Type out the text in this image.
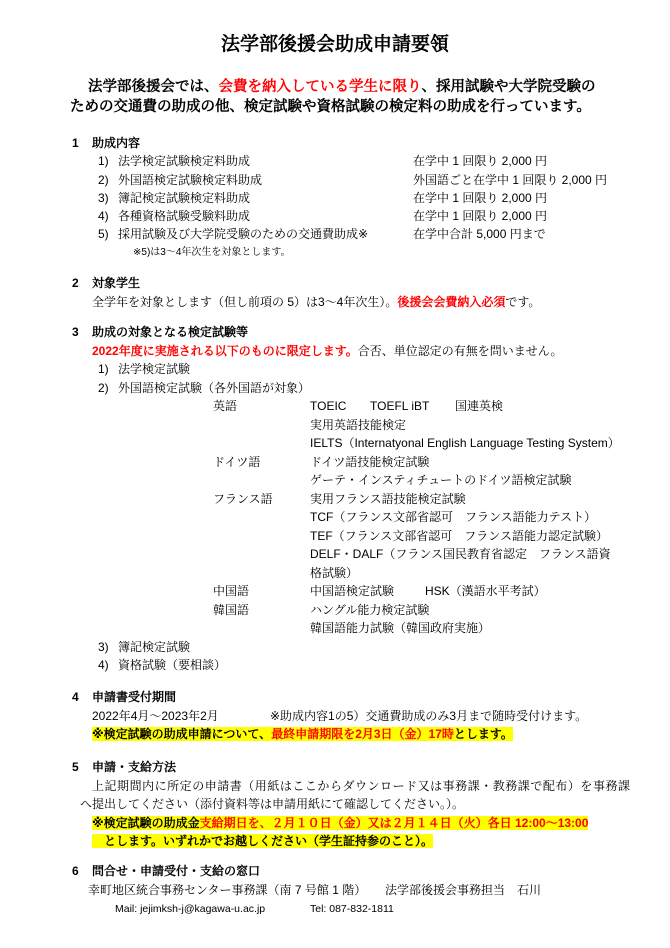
法学部後援会助成申請要領
法学部後援会では、会費を納入している学生に限り、採用試験や大学院受験の
ための交通費の助成の他、検定試験や資格試験の検定料の助成を行っています。
1 助成内容
1) 法学検定試験検定料助成	在学中 1 回限り 2,000 円
2) 外国語検定試験検定料助成	外国語ごと在学中 1 回限り 2,000 円
3) 簿記検定試験検定料助成	在学中 1 回限り 2,000 円
4) 各種資格試験受験料助成	在学中 1 回限り 2,000 円
5) 採用試験及び大学院受験のための交通費助成※	在学中合計 5,000 円まで
※5)は3～4年次生を対象とします。
2 対象学生
全学年を対象とします（但し前項の 5）は3～4年次生）。後援会会費納入必須です。
3 助成の対象となる検定試験等
2022年度に実施される以下のものに限定します。合否、単位認定の有無を問いません。
1) 法学検定試験
2) 外国語検定試験（各外国語が対象）
英語	TOEIC TOEFL iBT 国連英検
実用英語技能検定
IELTS（Internatyonal English Language Testing System）
ドイツ語	ドイツ語技能検定試験
ゲーテ・インスティチュートのドイツ語検定試験
フランス語	実用フランス語技能検定試験
TCF（フランス文部省認可　フランス語能力テスト）
TEF（フランス文部省認可　フランス語能力認定試験）
DELF・DALF（フランス国民教育省認定　フランス語資
格試験）
中国語	中国語検定試験	HSK（漢語水平考試）
韓国語	ハングル能力検定試験
韓国語能力試験（韓国政府実施）
3) 簿記検定試験
4) 資格試験（要相談）
4 申請書受付期間
2022年4月～2023年2月	※助成内容1の5）交通費助成のみ3月まで随時受付けます。
※検定試験の助成申請について、最終申請期限を2月3日（金）17時とします。
5 申請・支給方法
上記期間内に所定の申請書（用紙はここからダウンロード又は事務課・教務課で配布）を事務課
へ提出してください（添付資料等は申請用紙にて確認してください。）。
※検定試験の助成金支給期日を、２月１０日（金）又は２月１４日（火）各日 12:00～13:00
　とします。いずれかでお越しください（学生証持参のこと）。
6 問合せ・申請受付・支給の窓口
幸町地区統合事務センター事務課（南 7 号館 1 階） 法学部後援会事務担当　石川
Mail: jejimksh-j@kagawa-u.ac.jp	Tel: 087-832-1811
